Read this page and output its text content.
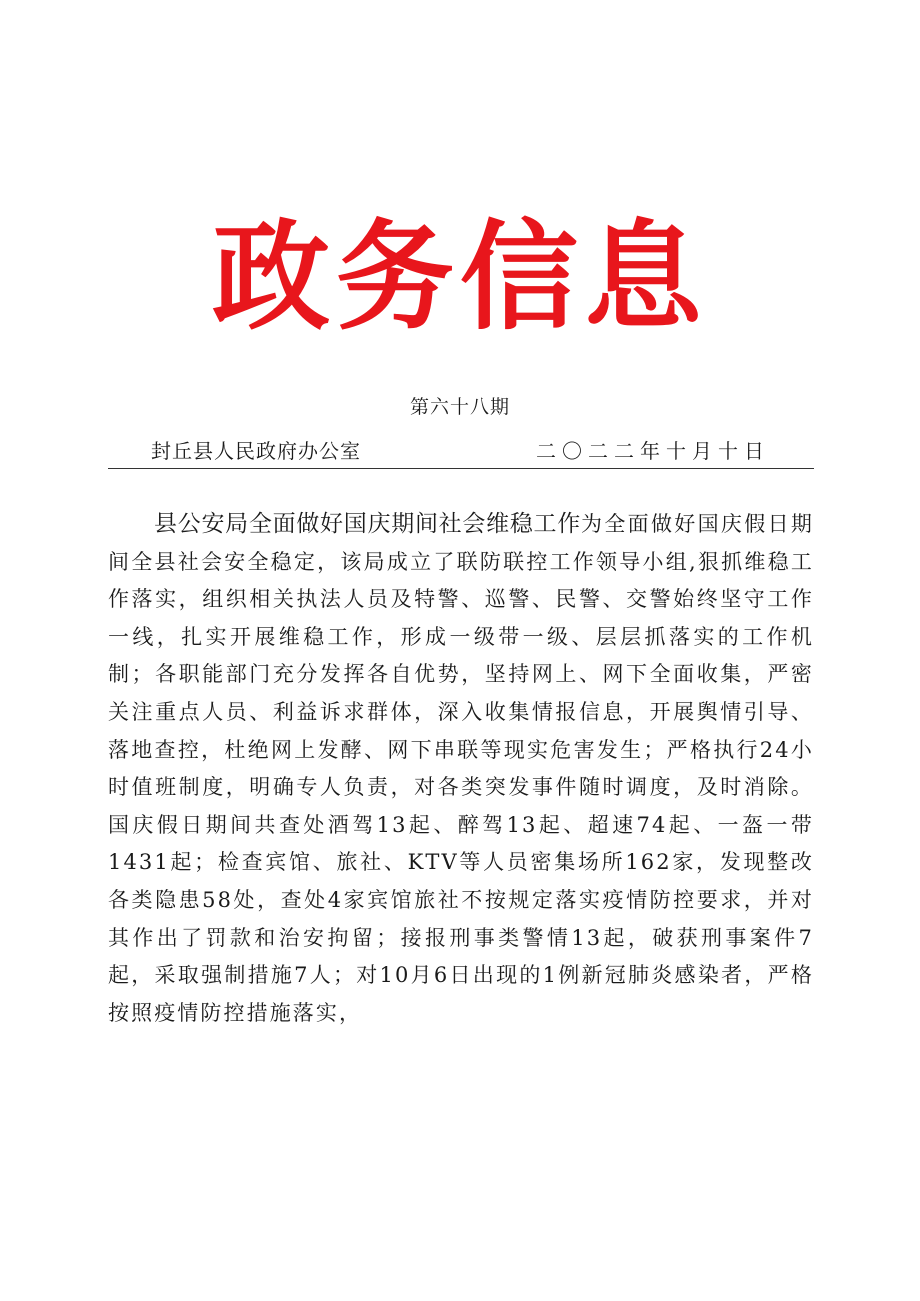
政务信息
第六十八期
封丘县人民政府办公室	二〇二二年十月十日

县公安局全面做好国庆期间社会维稳工作为全面做好国庆假日期间全县社会安全稳定，该局成立了联防联控工作领导小组,狠抓维稳工作落实，组织相关执法人员及特警、巡警、民警、交警始终坚守工作一线，扎实开展维稳工作，形成一级带一级、层层抓落实的工作机制；各职能部门充分发挥各自优势，坚持网上、网下全面收集，严密关注重点人员、利益诉求群体，深入收集情报信息，开展舆情引导、落地查控，杜绝网上发酵、网下串联等现实危害发生；严格执行24小时值班制度，明确专人负责，对各类突发事件随时调度，及时消除。国庆假日期间共查处酒驾13起、醉驾13起、超速74起、一盔一带1431起；检查宾馆、旅社、KTV等人员密集场所162家，发现整改各类隐患58处，查处4家宾馆旅社不按规定落实疫情防控要求，并对其作出了罚款和治安拘留；接报刑事类警情13起，破获刑事案件7起，采取强制措施7人；对10月6日出现的1例新冠肺炎感染者，严格按照疫情防控措施落实，
